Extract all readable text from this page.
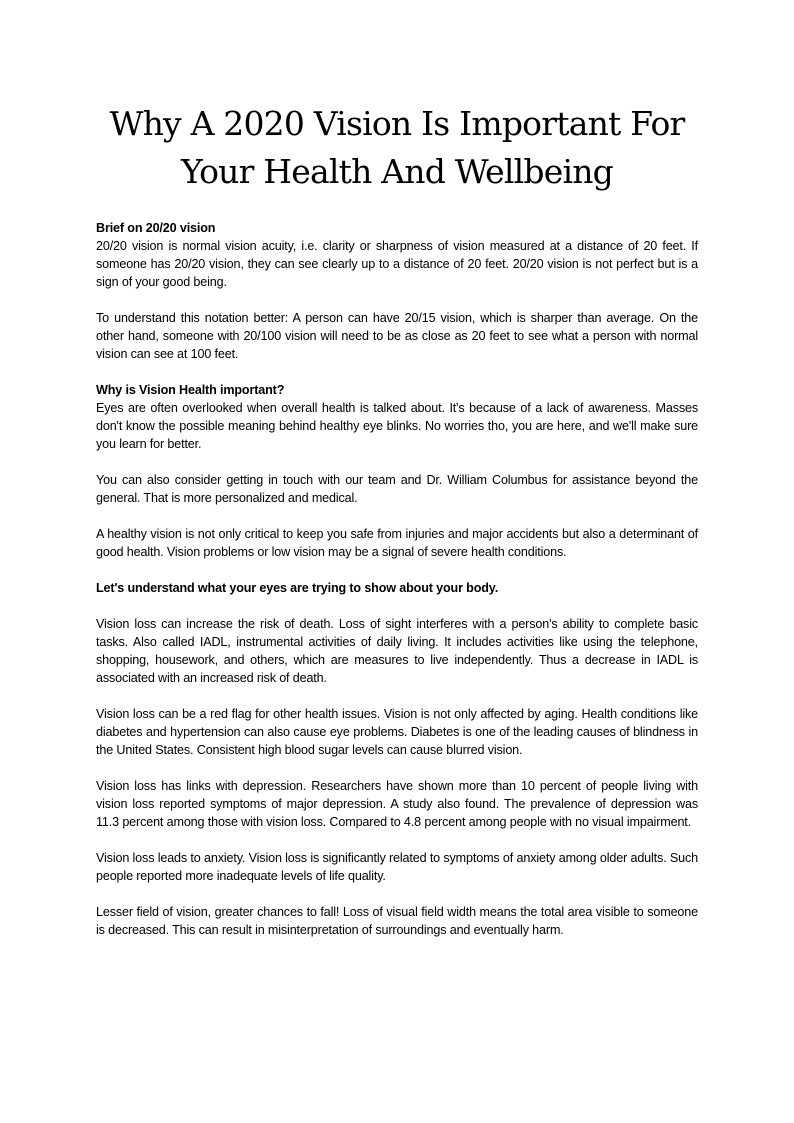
Why A 2020 Vision Is Important For Your Health And Wellbeing

Brief on 20/20 vision
20/20 vision is normal vision acuity, i.e. clarity or sharpness of vision measured at a distance of 20 feet. If someone has 20/20 vision, they can see clearly up to a distance of 20 feet. 20/20 vision is not perfect but is a sign of your good being.

To understand this notation better: A person can have 20/15 vision, which is sharper than average. On the other hand, someone with 20/100 vision will need to be as close as 20 feet to see what a person with normal vision can see at 100 feet.

Why is Vision Health important?
Eyes are often overlooked when overall health is talked about. It's because of a lack of awareness. Masses don't know the possible meaning behind healthy eye blinks. No worries tho, you are here, and we'll make sure you learn for better.

You can also consider getting in touch with our team and Dr. William Columbus for assistance beyond the general. That is more personalized and medical.

A healthy vision is not only critical to keep you safe from injuries and major accidents but also a determinant of good health. Vision problems or low vision may be a signal of severe health conditions.

Let's understand what your eyes are trying to show about your body.

Vision loss can increase the risk of death. Loss of sight interferes with a person's ability to complete basic tasks. Also called IADL, instrumental activities of daily living. It includes activities like using the telephone, shopping, housework, and others, which are measures to live independently. Thus a decrease in IADL is associated with an increased risk of death.

Vision loss can be a red flag for other health issues. Vision is not only affected by aging. Health conditions like diabetes and hypertension can also cause eye problems. Diabetes is one of the leading causes of blindness in the United States. Consistent high blood sugar levels can cause blurred vision.

Vision loss has links with depression. Researchers have shown more than 10 percent of people living with vision loss reported symptoms of major depression. A study also found. The prevalence of depression was 11.3 percent among those with vision loss. Compared to 4.8 percent among people with no visual impairment.

Vision loss leads to anxiety. Vision loss is significantly related to symptoms of anxiety among older adults. Such people reported more inadequate levels of life quality.

Lesser field of vision, greater chances to fall! Loss of visual field width means the total area visible to someone is decreased. This can result in misinterpretation of surroundings and eventually harm.
